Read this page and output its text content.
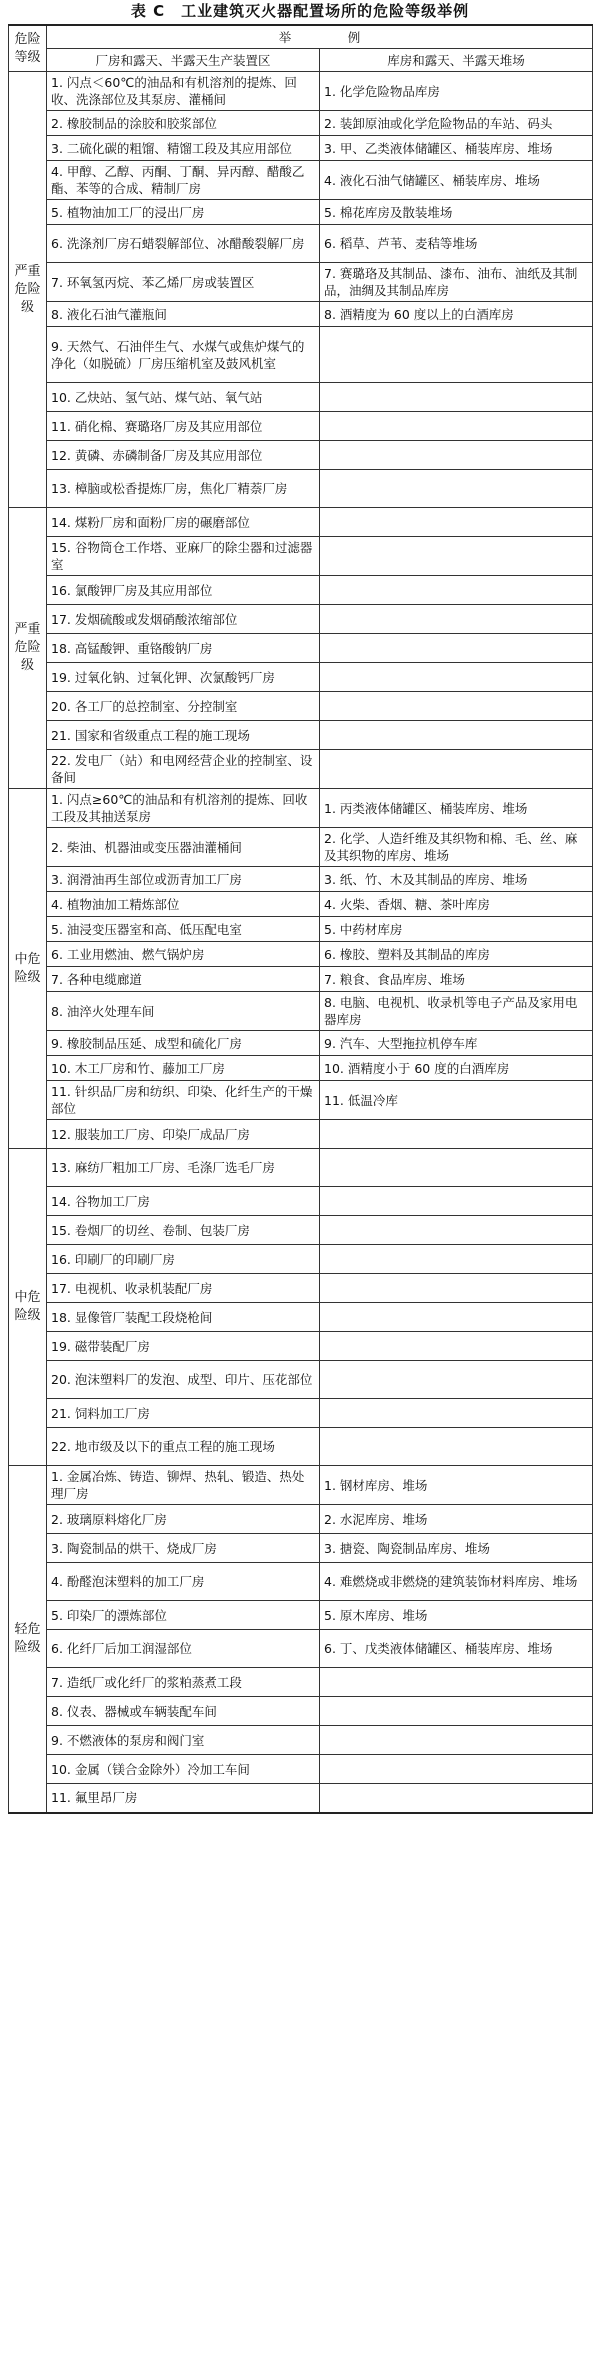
表 C　工业建筑灭火器配置场所的危险等级举例
危险等级	举　例	
	厂房和露天、半露天生产装置区	库房和露天、半露天堆场
严重危险级	1. 闪点＜60℃的油品和有机溶剂的提炼、回收、洗涤部位及其泵房、灌桶间	1. 化学危险物品库房
	2. 橡胶制品的涂胶和胶浆部位	2. 装卸原油或化学危险物品的车站、码头
	3. 二硫化碳的粗馏、精馏工段及其应用部位	3. 甲、乙类液体储罐区、桶装库房、堆场
	4. 甲醇、乙醇、丙酮、丁酮、异丙醇、醋酸乙酯、苯等的合成、精制厂房	4. 液化石油气储罐区、桶装库房、堆场
	5. 植物油加工厂的浸出厂房	5. 棉花库房及散装堆场
	6. 洗涤剂厂房石蜡裂解部位、冰醋酸裂解厂房	6. 稻草、芦苇、麦秸等堆场
	7. 环氧氢丙烷、苯乙烯厂房或装置区	7. 赛璐珞及其制品、漆布、油布、油纸及其制品，油绸及其制品库房
	8. 液化石油气灌瓶间	8. 酒精度为 60 度以上的白酒库房
	9. 天然气、石油伴生气、水煤气或焦炉煤气的净化（如脱硫）厂房压缩机室及鼓风机室	
	10. 乙炔站、氢气站、煤气站、氧气站	
	11. 硝化棉、赛璐珞厂房及其应用部位	
	12. 黄磷、赤磷制备厂房及其应用部位	
	13. 樟脑或松香提炼厂房，焦化厂精萘厂房	
严重危险级	14. 煤粉厂房和面粉厂房的碾磨部位	
	15. 谷物筒仓工作塔、亚麻厂的除尘器和过滤器室	
	16. 氯酸钾厂房及其应用部位	
	17. 发烟硫酸或发烟硝酸浓缩部位	
	18. 高锰酸钾、重铬酸钠厂房	
	19. 过氧化钠、过氧化钾、次氯酸钙厂房	
	20. 各工厂的总控制室、分控制室	
	21. 国家和省级重点工程的施工现场	
	22. 发电厂（站）和电网经营企业的控制室、设备间	
中危险级	1. 闪点≥60℃的油品和有机溶剂的提炼、回收工段及其抽送泵房	1. 丙类液体储罐区、桶装库房、堆场
	2. 柴油、机器油或变压器油灌桶间	2. 化学、人造纤维及其织物和棉、毛、丝、麻及其织物的库房、堆场
	3. 润滑油再生部位或沥青加工厂房	3. 纸、竹、木及其制品的库房、堆场
	4. 植物油加工精炼部位	4. 火柴、香烟、糖、茶叶库房
	5. 油浸变压器室和高、低压配电室	5. 中药材库房
	6. 工业用燃油、燃气锅炉房	6. 橡胶、塑料及其制品的库房
	7. 各种电缆廊道	7. 粮食、食品库房、堆场
	8. 油淬火处理车间	8. 电脑、电视机、收录机等电子产品及家用电器库房
	9. 橡胶制品压延、成型和硫化厂房	9. 汽车、大型拖拉机停车库
	10. 木工厂房和竹、藤加工厂房	10. 酒精度小于 60 度的白酒库房
	11. 针织品厂房和纺织、印染、化纤生产的干燥部位	11. 低温冷库
	12. 服装加工厂房、印染厂成品厂房	
中危险级	13. 麻纺厂粗加工厂房、毛涤厂选毛厂房	
	14. 谷物加工厂房	
	15. 卷烟厂的切丝、卷制、包装厂房	
	16. 印刷厂的印刷厂房	
	17. 电视机、收录机装配厂房	
	18. 显像管厂装配工段烧枪间	
	19. 磁带装配厂房	
	20. 泡沫塑料厂的发泡、成型、印片、压花部位	
	21. 饲料加工厂房	
	22. 地市级及以下的重点工程的施工现场	
轻危险级	1. 金属冶炼、铸造、铆焊、热轧、锻造、热处理厂房	1. 钢材库房、堆场
	2. 玻璃原料熔化厂房	2. 水泥库房、堆场
	3. 陶瓷制品的烘干、烧成厂房	3. 搪瓷、陶瓷制品库房、堆场
	4. 酚醛泡沫塑料的加工厂房	4. 难燃烧或非燃烧的建筑装饰材料库房、堆场
	5. 印染厂的漂炼部位	5. 原木库房、堆场
	6. 化纤厂后加工润湿部位	6. 丁、戊类液体储罐区、桶装库房、堆场
	7. 造纸厂或化纤厂的浆粕蒸煮工段	
	8. 仪表、器械或车辆装配车间	
	9. 不燃液体的泵房和阀门室	
	10. 金属（镁合金除外）冷加工车间	
	11. 氟里昂厂房	
